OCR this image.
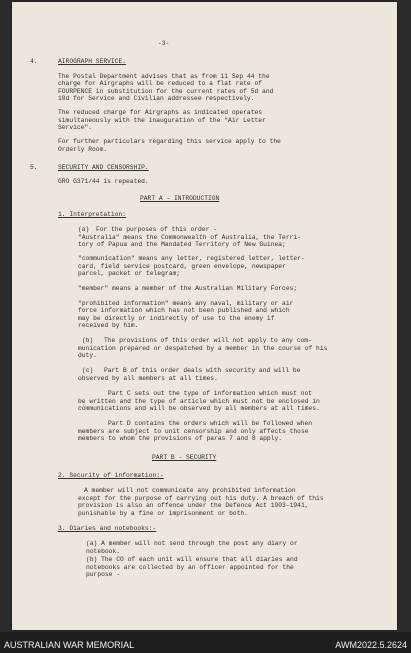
-3-
4.	AIROGRAPH SERVICE.
The Postal Department advises that as from 11 Sep 44 the
charge for Airgraphs will be reduced to a flat rate of
FOURPENCE in substitution for the current rates of 5d and
10d for Service and Civilian addressee respectively.
The reduced charge for Airgraphs as indicated operates
simultaneously with the inauguration of the "Air Letter
Service".
For further particulars regarding this service apply to the
Orderly Room.
5.	SECURITY AND CENSORSHIP.
GRO G371/44 is repeated.
PART A - INTRODUCTION
1. Interpretation:
(a) For the purposes of this order -
"Australia" means the Commonwealth of Australia, the Terri-
tory of Papua and the Mandated Territory of New Guinea;
"communication" means any letter, registered letter, letter-
card, field service postcard, green envelope, newspaper
parcel, packet or telegram;
"member" means a member of the Australian Military Forces;
"prohibited information" means any naval, military or air
force information which has not been published and which
may be directly or indirectly of use to the enemy if
received by him.
(b) The provisions of this order will not apply to any com-
munication prepared or despatched by a member in the course of his
duty.
(c) Part B of this order deals with security and will be
observed by all members at all times.
Part C sets out the type of information which must not
be written and the type of article which must not be enclosed in
communications and will be observed by all members at all times.
Part D contains the orders which will be followed when
members are subject to unit censorship and only affects those
members to whom the provisions of paras 7 and 8 apply.
PART B - SECURITY
2. Security of information:-
A member will not communicate any prohibited information
except for the purpose of carrying out his duty. A breach of this
provision is also an offence under the Defence Act 1903-1941,
punishable by a fine or imprisonment or both.
3. Diaries and notebooks:-
(a) A member will not send through the post any diary or
notebook.
(b) The CO of each unit will ensure that all diaries and
notebooks are collected by an officer appointed for the
purpose -
AUSTRALIAN WAR MEMORIAL	AWM2022.5.2624
